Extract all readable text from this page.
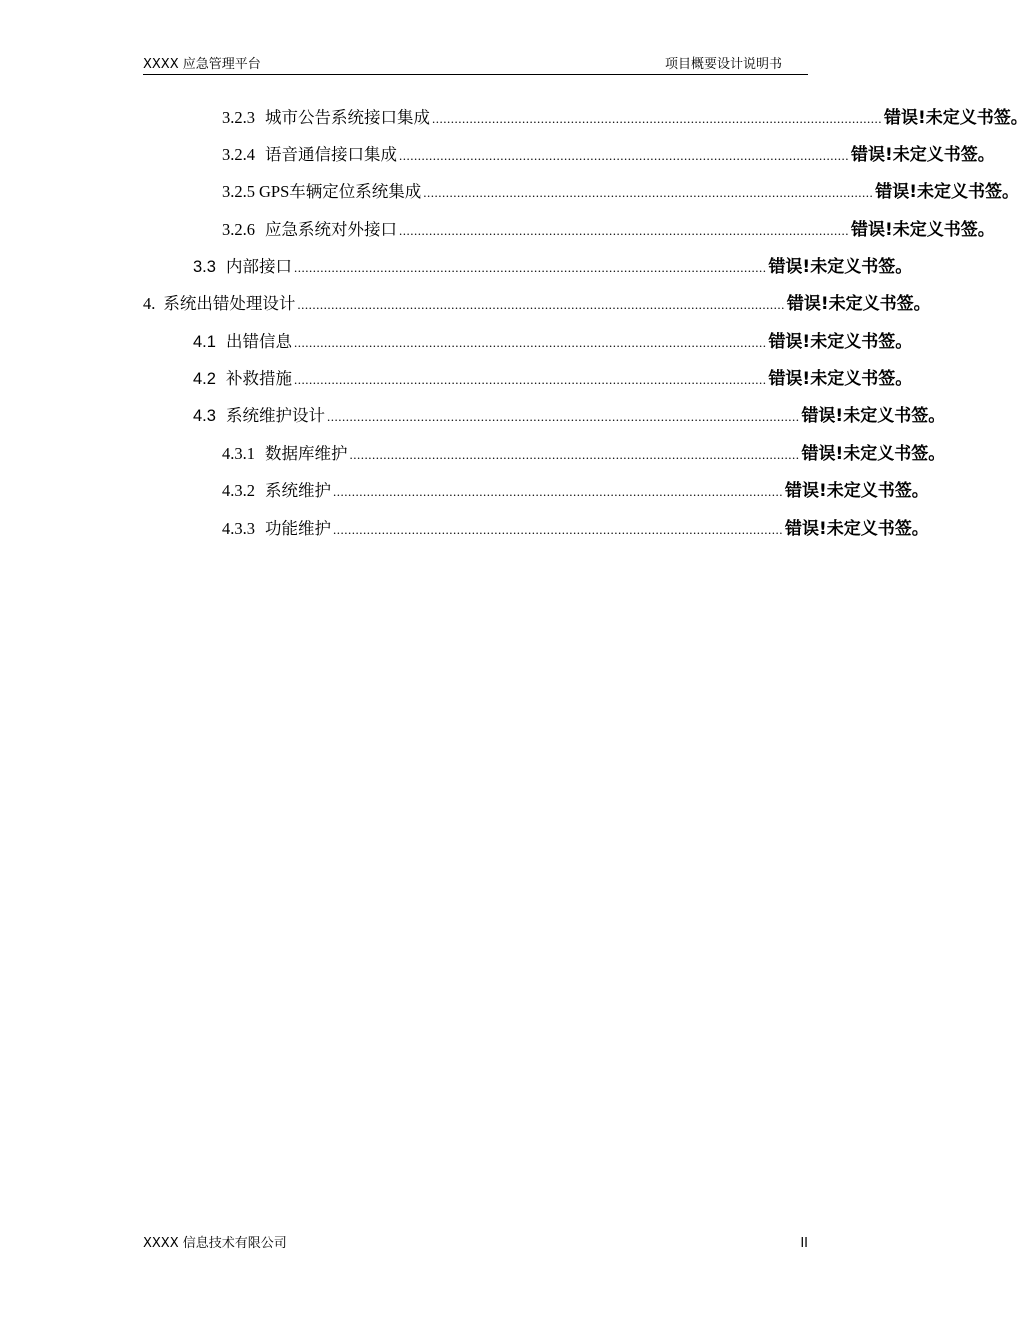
XXXX 应急管理平台	项目概要设计说明书
3.2.3 城市公告系统接口集成 ........................................................................................................................ 错误!未定义书签。
3.2.4 语音通信接口集成 ........................................................................................................................ 错误!未定义书签。
3.2.5 GPS车辆定位系统集成 ........................................................................................................................ 错误!未定义书签。
3.2.6 应急系统对外接口 ........................................................................................................................ 错误!未定义书签。
3.3 内部接口 .............................................................................................................................. 错误!未定义书签。
4. 系统出错处理设计 .................................................................................................................................. 错误!未定义书签。
4.1 出错信息 .............................................................................................................................. 错误!未定义书签。
4.2 补救措施 .............................................................................................................................. 错误!未定义书签。
4.3 系统维护设计 .............................................................................................................................. 错误!未定义书签。
4.3.1 数据库维护 ........................................................................................................................ 错误!未定义书签。
4.3.2 系统维护 ........................................................................................................................ 错误!未定义书签。
4.3.3 功能维护 ........................................................................................................................ 错误!未定义书签。
XXXX 信息技术有限公司	II
